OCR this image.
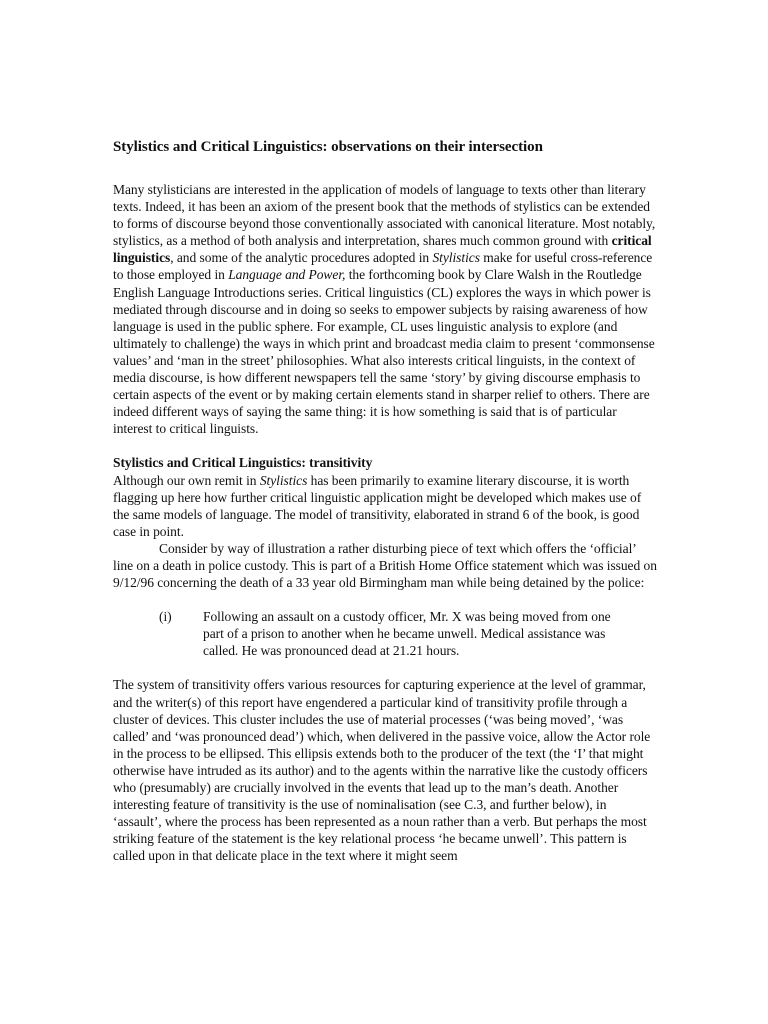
Stylistics and Critical Linguistics: observations on their intersection

Many stylisticians are interested in the application of models of language to texts other than literary texts. Indeed, it has been an axiom of the present book that the methods of stylistics can be extended to forms of discourse beyond those conventionally associated with canonical literature. Most notably, stylistics, as a method of both analysis and interpretation, shares much common ground with critical linguistics, and some of the analytic procedures adopted in Stylistics make for useful cross-reference to those employed in Language and Power, the forthcoming book by Clare Walsh in the Routledge English Language Introductions series. Critical linguistics (CL) explores the ways in which power is mediated through discourse and in doing so seeks to empower subjects by raising awareness of how language is used in the public sphere. For example, CL uses linguistic analysis to explore (and ultimately to challenge) the ways in which print and broadcast media claim to present ‘commonsense values’ and ‘man in the street’ philosophies. What also interests critical linguists, in the context of media discourse, is how different newspapers tell the same ‘story’ by giving discourse emphasis to certain aspects of the event or by making certain elements stand in sharper relief to others. There are indeed different ways of saying the same thing: it is how something is said that is of particular interest to critical linguists.

Stylistics and Critical Linguistics: transitivity

Although our own remit in Stylistics has been primarily to examine literary discourse, it is worth flagging up here how further critical linguistic application might be developed which makes use of the same models of language. The model of transitivity, elaborated in strand 6 of the book, is good case in point.

Consider by way of illustration a rather disturbing piece of text which offers the ‘official’ line on a death in police custody. This is part of a British Home Office statement which was issued on 9/12/96 concerning the death of a 33 year old Birmingham man while being detained by the police:

(i)	Following an assault on a custody officer, Mr. X was being moved from one part of a prison to another when he became unwell. Medical assistance was called. He was pronounced dead at 21.21 hours.

The system of transitivity offers various resources for capturing experience at the level of grammar, and the writer(s) of this report have engendered a particular kind of transitivity profile through a cluster of devices. This cluster includes the use of material processes (‘was being moved’, ‘was called’ and ‘was pronounced dead’) which, when delivered in the passive voice, allow the Actor role in the process to be ellipsed. This ellipsis extends both to the producer of the text (the ‘I’ that might otherwise have intruded as its author) and to the agents within the narrative like the custody officers who (presumably) are crucially involved in the events that lead up to the man’s death. Another interesting feature of transitivity is the use of nominalisation (see C.3, and further below), in ‘assault’, where the process has been represented as a noun rather than a verb. But perhaps the most striking feature of the statement is the key relational process ‘he became unwell’. This pattern is called upon in that delicate place in the text where it might seem
